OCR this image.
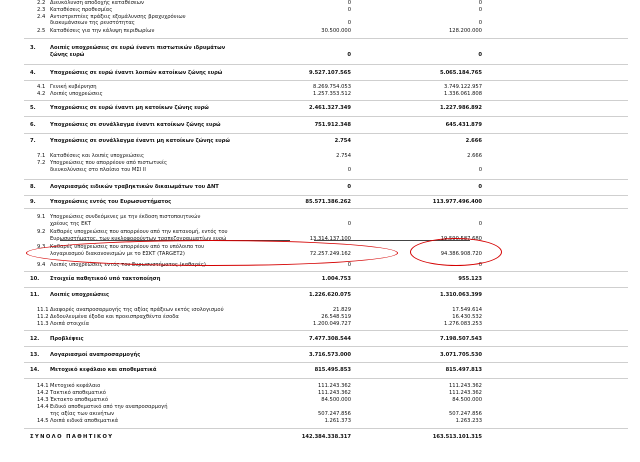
2.2 Διευκόλυνση αποδοχής καταθέσεων	0	0
2.3 Καταθέσεις προθεσμίας	0	0
2.4 Αντιστρεπτέες πράξεις εξομάλυνσης βραχυχρόνιων
διακυμάνσεων της ρευστότητας	0	0
2.5 Καταθέσεις για την κάλυψη περιθωρίων	30.500.000	128.200.000
3.	Λοιπές υποχρεώσεις σε ευρώ έναντι πιστωτικών ιδρυμάτων
ζώνης ευρώ	0	0
4.	Υποχρεώσεις σε ευρώ έναντι λοιπών κατοίκων ζώνης ευρώ	9.527.107.565	5.065.184.765
4.1 Γενική κυβέρνηση	8.269.754.053	3.749.122.957
4.2 Λοιπές υποχρεώσεις	1.257.353.512	1.336.061.808
5.	Υποχρεώσεις σε ευρώ έναντι μη κατοίκων ζώνης ευρώ	2.461.327.349	1.227.986.892
6.	Υποχρεώσεις σε συνάλλαγμα έναντι κατοίκων ζώνης ευρώ	751.912.348	645.431.879
7.	Υποχρεώσεις σε συνάλλαγμα έναντι μη κατοίκων ζώνης ευρώ	2.754	2.666
7.1 Καταθέσεις και λοιπές υποχρεώσεις	2.754	2.666
7.2 Υποχρεώσεις που απορρέουν από πιστωτικές
διευκολύνσεις στο πλαίσιο του ΜΣΙ ΙΙ	0	0
8.	Λογαριασμός ειδικών τραβηκτικών δικαιωμάτων του ΔΝΤ	0	0
9.	Υποχρεώσεις εντός του Ευρωσυστήματος	85.571.386.262	113.977.496.400
9.1 Υποχρεώσεις συνδεόμενες με την έκδοση πιστοποιητικών
χρέους της ΕΚΤ	0	0
9.2 Καθαρές υποχρεώσεις που απορρέουν από την κατανομή, εντός του
Ευρωσυστήματος, των κυκλοφορούντων τραπεζογραμματίων ευρώ	13.314.137.100	19.590.587.680
9.3 Καθαρές υποχρεώσεις που απορρέουν από το υπόλοιπο του
λογαριασμού διακανονισμών με το ΕΣΚΤ (TARGET2)	72.257.249.162	94.386.908.720
9.4 Λοιπές υποχρεώσεις εντός του Ευρωσυστήματος (καθαρές)	0	0
10. Στοιχεία παθητικού υπό τακτοποίηση	1.004.753	955.123
11. Λοιπές υποχρεώσεις	1.226.620.075	1.310.063.399
11.1 Διαφορές αναπροσαρμογής της αξίας πράξεων εκτός ισολογισμού	21.829	17.549.614
11.2 Δεδουλευμένα έξοδα και προεισπραχθέντα έσοδα	26.548.519	16.430.532
11.3 Λοιπά στοιχεία	1.200.049.727	1.276.083.253
12. Προβλέψεις	7.477.308.544	7.198.507.543
13. Λογαριασμοί αναπροσαρμογής	3.716.573.000	3.071.705.530
14. Μετοχικό κεφάλαιο και αποθεματικά	815.495.853	815.497.813
14.1 Μετοχικό κεφάλαιο	111.243.362	111.243.362
14.2 Τακτικό αποθεματικό	111.243.362	111.243.362
14.3 Έκτακτο αποθεματικό	84.500.000	84.500.000
14.4 Ειδικό αποθεματικό από την αναπροσαρμογή
της αξίας των ακινήτων	507.247.856	507.247.856
14.5 Λοιπά ειδικά αποθεματικά	1.261.373	1.263.233
ΣΥΝΟΛΟ ΠΑΘΗΤΙΚΟΥ	142.384.338.317	163.513.101.315
